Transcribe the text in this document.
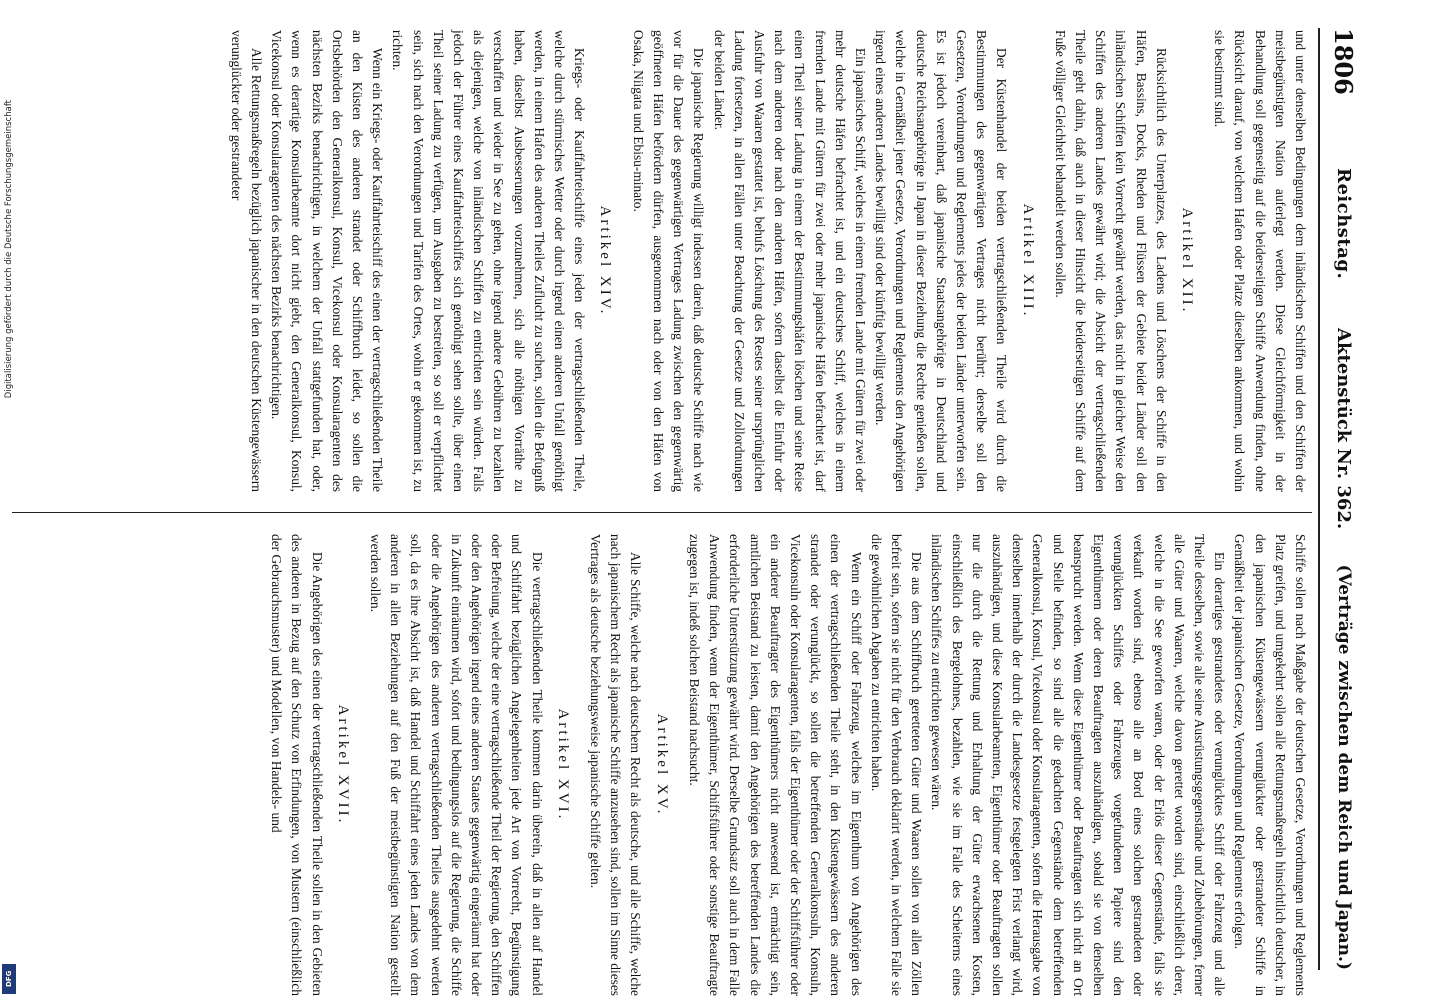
1806
Reichstag.
Aktenstück Nr. 362.
(Verträge zwischen dem Reich und Japan.)

und unter denselben Bedingungen dem inländischen Schiffen und den Schiffen der meistbegünstigten Nation auferlegt werden. Diese Gleichförmigkeit in der Behandlung soll gegenseitig auf die beiderseitigen Schiffe Anwendung finden, ohne Rücksicht darauf, von welchem Hafen oder Platze dieselben ankommen, und wohin sie bestimmt sind.

Artikel XII.

Rücksichtlich des Unterplatzes, des Ladens und Löschens der Schiffe in den Häfen, Bassins, Docks, Rheden und Flüssen der Gebiete beider Länder soll den inländischen Schiffen kein Vorrecht gewährt werden, das nicht in gleicher Weise den Schiffen des anderen Landes gewährt wird; die Absicht der vertragschließenden Theile geht dahin, daß auch in dieser Hinsicht die beiderseitigen Schiffe auf dem Fuße völliger Gleichheit behandelt werden sollen.

Artikel XIII.

Der Küstenhandel der beiden vertragschließenden Theile wird durch die Bestimmungen des gegenwärtigen Vertrages nicht berührt; derselbe soll den Gesetzen, Verordnungen und Reglements jedes der beiden Länder unterworfen sein. Es ist jedoch vereinbart, daß japanische Staatsangehörige in Deutschland und deutsche Reichsangehörige in Japan in dieser Beziehung die Rechte genießen sollen, welche in Gemäßheit jener Gesetze, Verordnungen und Reglements den Angehörigen irgend eines anderen Landes bewilligt sind oder künftig bewilligt werden.

Ein japanisches Schiff, welches in einem fremden Lande mit Gütern für zwei oder mehr deutsche Häfen befrachtet ist, und ein deutsches Schiff, welches in einem fremden Lande mit Gütern für zwei oder mehr japanische Häfen befrachtet ist, darf einen Theil seiner Ladung in einem der Bestimmungshäfen löschen und seine Reise nach dem anderen oder nach den anderen Häfen, sofern daselbst die Einfuhr oder Ausfuhr von Waaren gestattet ist, behufs Löschung des Restes seiner ursprünglichen Ladung fortsetzen, in allen Fällen unter Beachtung der Gesetze und Zollordnungen der beiden Länder.

Die japanische Regierung willigt indessen darein, daß deutsche Schiffe nach wie vor für die Dauer des gegenwärtigen Vertrages Ladung zwischen den gegenwärtig geöffneten Häfen befördern dürfen, ausgenommen nach oder von den Häfen von Osaka, Niigata und Ebisu-minato.

Artikel XIV.

Kriegs- oder Kauffahrteischiffe eines jeden der vertragschließenden Theile, welche durch stürmisches Wetter oder durch irgend einen anderen Unfall genöthigt werden, in einem Hafen des anderen Theiles Zuflucht zu suchen, sollen die Befugniß haben, daselbst Ausbesserungen vorzunehmen, sich alle nöthigen Vorräthe zu verschaffen und wieder in See zu gehen, ohne irgend andere Gebühren zu bezahlen als diejenigen, welche von inländischen Schiffen zu entrichten sein würden. Falls jedoch der Führer eines Kauffahrteischiffes sich genöthigt sehen sollte, über einen Theil seiner Ladung zu verfügen, um Ausgaben zu bestreiten, so soll er verpflichtet sein, sich nach den Verordnungen und Tarifen des Ortes, wohin er gekommen ist, zu richten.

Wenn ein Kriegs- oder Kauffahrteischiff des einen der vertragschließenden Theile an den Küsten des anderen strandet oder Schiffbruch leidet, so sollen die Ortsbehörden den Generalkonsul, Konsul, Vicekonsul oder Konsularagenten des nächsten Bezirks benachrichtigen, in welchem der Unfall stattgefunden hat, oder, wenn es derartige Konsularbeamte dort nicht giebt, den Generalkonsul, Konsul, Vicekonsul oder Konsularagenten des nächsten Bezirks benachrichtigen.

Alle Rettungsmaßregeln bezüglich japanischer in den deutschen Küstengewässern verunglückter oder gestrandeter

Schiffe sollen nach Maßgabe der deutschen Gesetze, Verordnungen und Reglements Platz greifen, und umgekehrt sollen alle Rettungsmaßregeln hinsichtlich deutscher, in den japanischen Küstengewässern verunglückter oder gestrandeter Schiffe in Gemäßheit der japanischen Gesetze, Verordnungen und Reglements erfolgen.

Ein derartiges gestrandetes oder verunglücktes Schiff oder Fahrzeug und alle Theile desselben, sowie alle seine Ausrüstungsgegenstände und Zubehörungen, ferner alle Güter und Waaren, welche davon gerettet worden sind, einschließlich derer, welche in die See geworfen waren, oder der Erlös dieser Gegenstände, falls sie verkauft worden sind, ebenso alle an Bord eines solchen gestrandeten oder verunglückten Schiffes oder Fahrzeuges vorgefundenen Papiere sind den Eigenthümern oder deren Beauftragten auszuhändigen, sobald sie von denselben beansprucht werden. Wenn diese Eigenthümer oder Beauftragten sich nicht an Ort und Stelle befinden, so sind alle die gedachten Gegenstände dem betreffenden Generalkonsul, Konsul, Vicekonsul oder Konsularagenten, sofern die Herausgabe von denselben innerhalb der durch die Landesgesetze festgelegten Frist verlangt wird, auszuhändigen, und diese Konsularbeamten, Eigenthümer oder Beauftragten sollen nur die durch die Rettung und Erhaltung der Güter erwachsenen Kosten, einschließlich des Bergelohnes, bezahlen, wie sie im Falle des Scheiterns eines inländischen Schiffes zu entrichten gewesen wären.

Die aus dem Schiffbruch geretteten Güter und Waaren sollen von allen Zöllen befreit sein, sofern sie nicht für den Verbrauch deklarirt werden, in welchem Falle sie die gewöhnlichen Abgaben zu entrichten haben.

Wenn ein Schiff oder Fahrzeug, welches im Eigenthum von Angehörigen des einen der vertragschließenden Theile steht, in den Küstengewässern des anderen strandet oder verunglückt, so sollen die betreffenden Generalkonsuln, Konsuln, Vicekonsuln oder Konsularagenten, falls der Eigenthümer oder der Schiffsführer oder ein anderer Beauftragter des Eigenthümers nicht anwesend ist, ermächtigt sein, amtlichen Beistand zu leisten, damit den Angehörigen des betreffenden Landes die erforderliche Unterstützung gewährt wird. Derselbe Grundsatz soll auch in dem Falle Anwendung finden, wenn der Eigenthümer, Schiffsführer oder sonstige Beauftragte zugegen ist, indeß solchen Beistand nachsucht.

Artikel XV.

Alle Schiffe, welche nach deutschem Recht als deutsche, und alle Schiffe, welche nach japanischem Recht als japanische Schiffe anzusehen sind, sollen im Sinne dieses Vertrages als deutsche beziehungsweise japanische Schiffe gelten.

Artikel XVI.

Die vertragschließenden Theile kommen darin überein, daß in allen auf Handel und Schiffahrt bezüglichen Angelegenheiten jede Art von Vorrecht, Begünstigung oder Befreiung, welche der eine vertragschließende Theil der Regierung, den Schiffen oder den Angehörigen irgend eines anderen Staates gegenwärtig eingeräumt hat oder in Zukunft einräumen wird, sofort und bedingungslos auf die Regierung, die Schiffe oder die Angehörigen des anderen vertragschließenden Theiles ausgedehnt werden soll, da es ihre Absicht ist, daß Handel und Schiffahrt eines jeden Landes von dem anderen in allen Beziehungen auf den Fuß der meistbegünstigten Nation gestellt werden sollen.

Artikel XVII.

Die Angehörigen des einen der vertragschließenden Theile sollen in den Gebieten des anderen in Bezug auf den Schutz von Erfindungen, von Mustern (einschließlich der Gebrauchsmuster) und Modellen, von Handels- und

Digitalisierung gefördert durch die Deutsche Forschungsgemeinschaft
DFG
